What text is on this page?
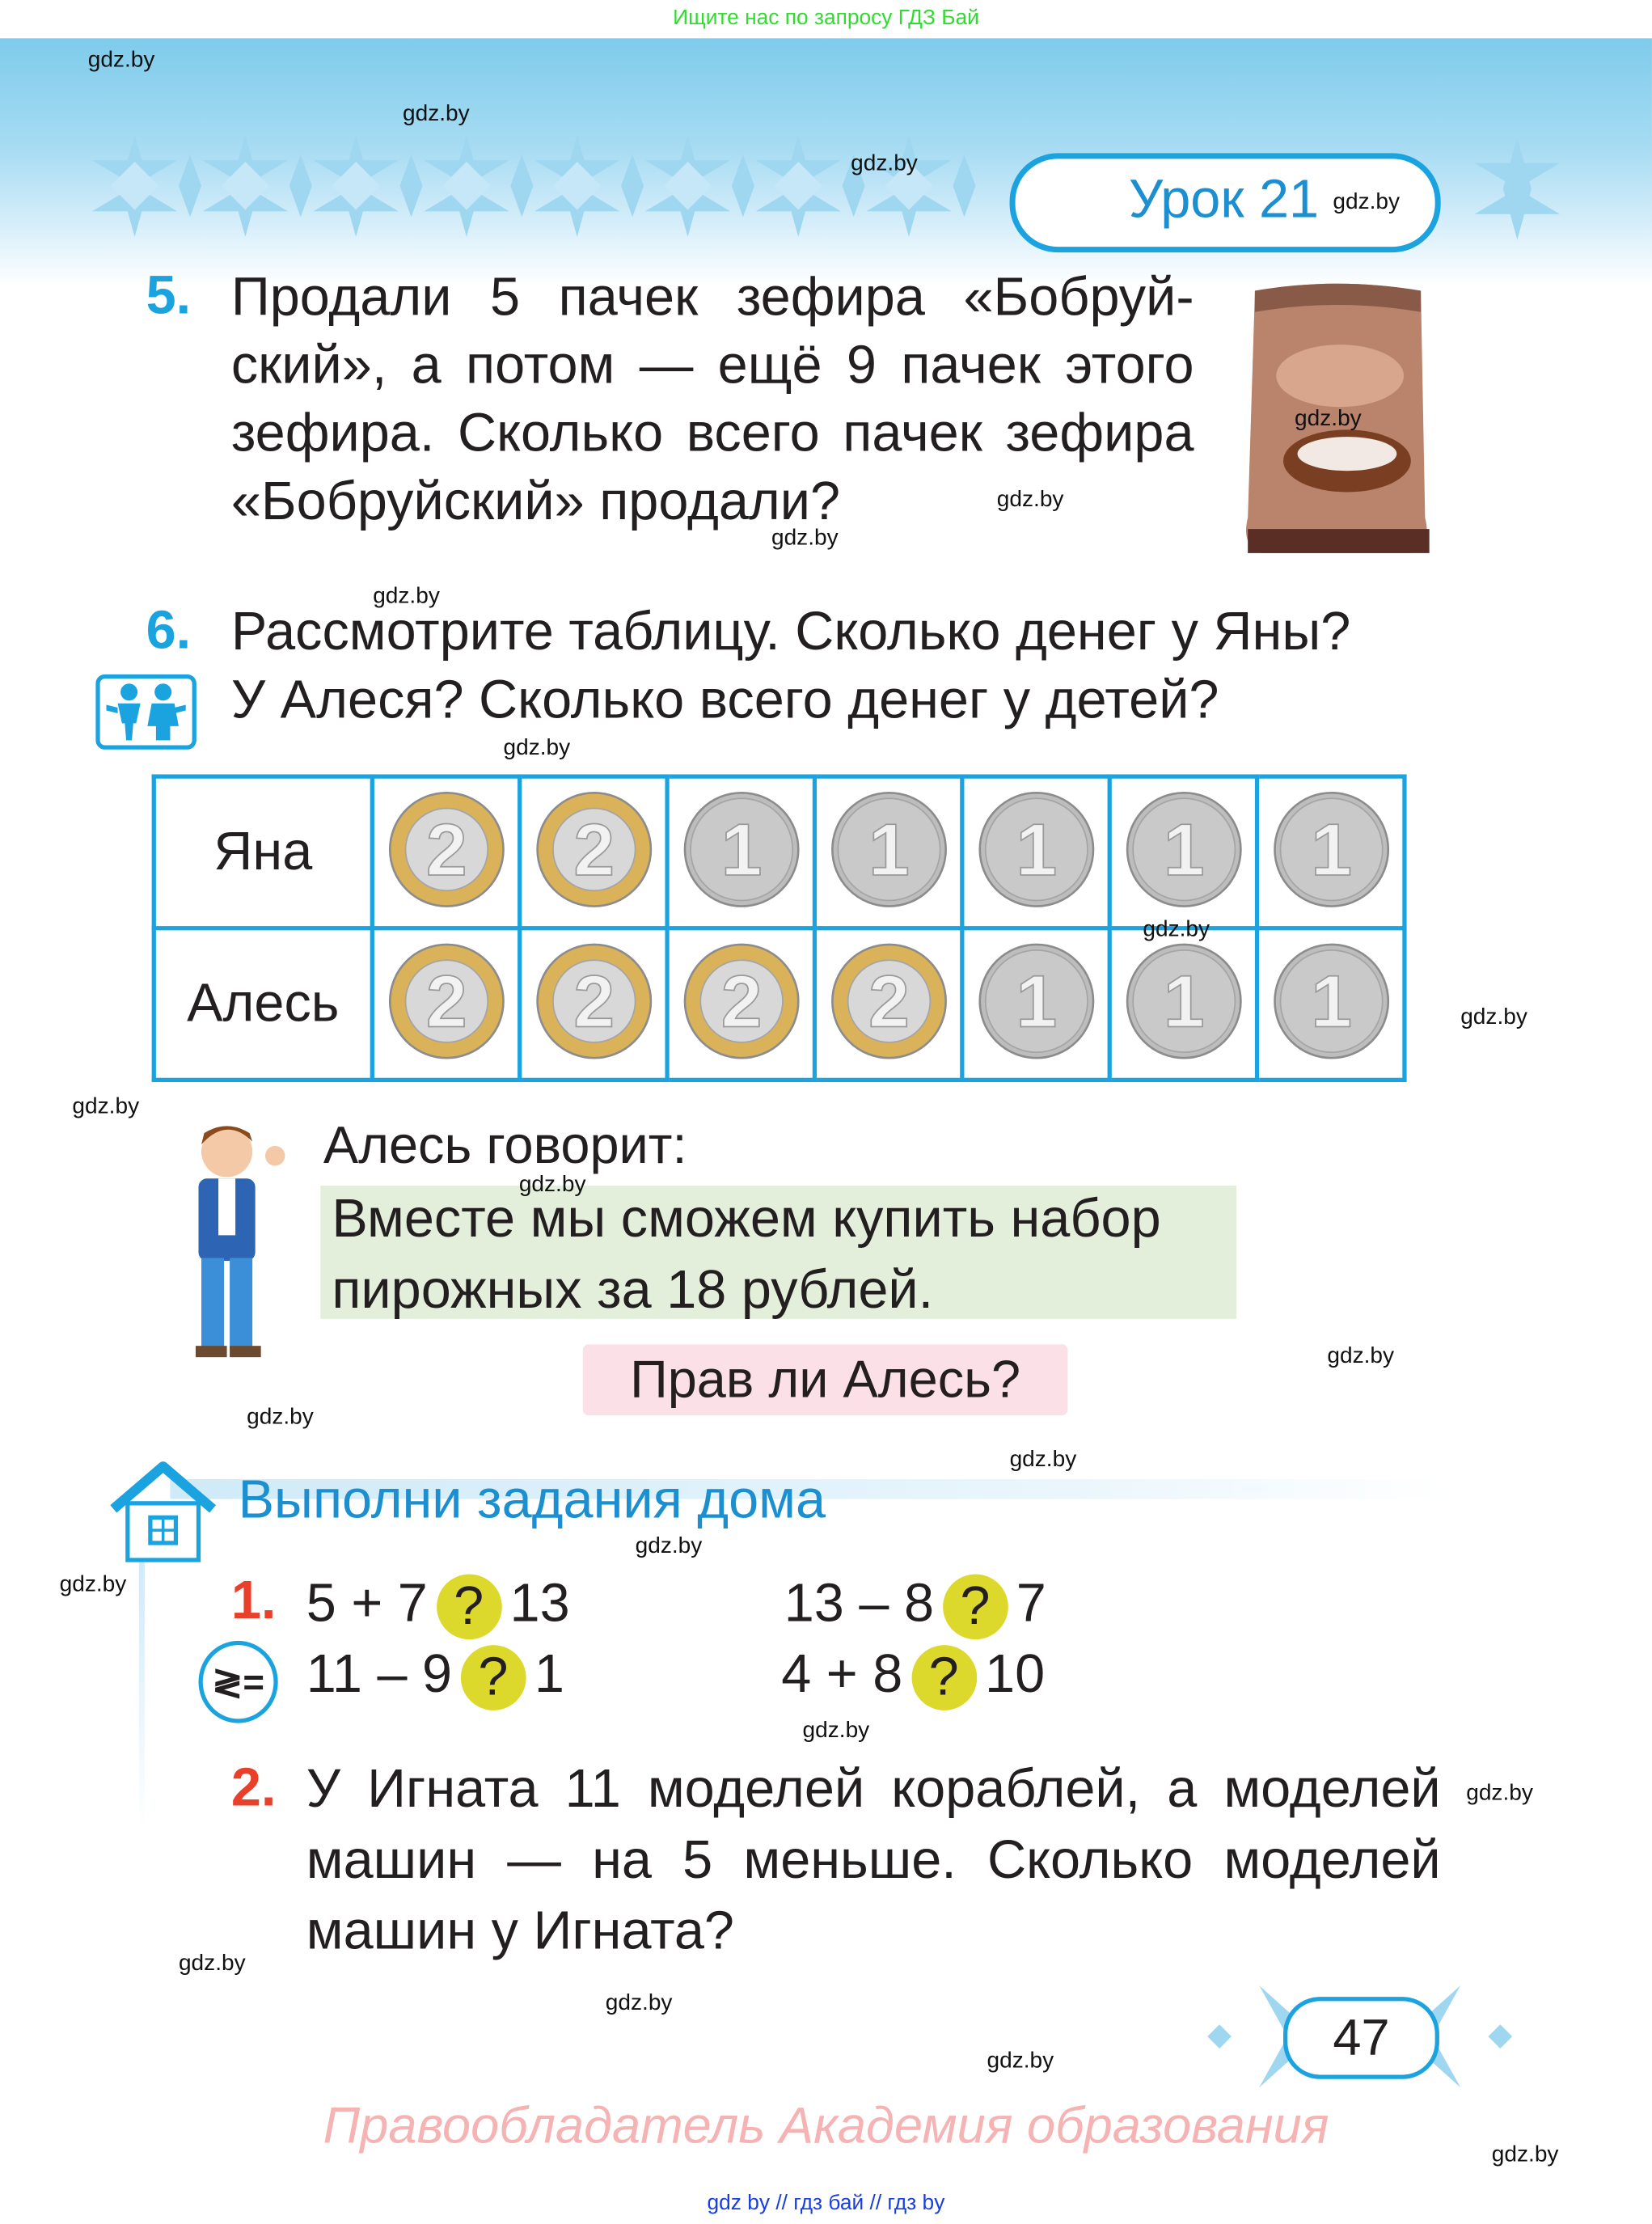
Ищите нас по запросу ГДЗ Бай
Урок 21
5. Продали 5 пачек зефира «Бобруй-
ский», а потом — ещё 9 пачек этого
зефира. Сколько всего пачек зефира
«Бобруйский» продали?
6. Рассмотрите таблицу. Сколько денег у Яны?
У Алеся? Сколько всего денег у детей?
Яна	2	2	1	1	1	1	1

Алесь	2	2	2	2	1	1	1
Алесь говорит:
Вместе мы сможем купить набор
пирожных за 18 рублей.
Прав ли Алесь?
Выполни задания дома
1.
≷=
5 + 7 ? 13	13 – 8 ? 7
11 – 9 ? 1	4 + 8 ? 10
2. У Игната 11 моделей кораблей, а моделей
машин — на 5 меньше. Сколько моделей
машин у Игната?
47
Правообладатель Академия образования
gdz by // гдз бай // гдз by
gdz.by
gdz.by
gdz.by
gdz.by
gdz.by
gdz.by
gdz.by
gdz.by
gdz.by
gdz.by
gdz.by
gdz.by
gdz.by
gdz.by
gdz.by
gdz.by
gdz.by
gdz.by
gdz.by
gdz.by
gdz.by
gdz.by
gdz.by
gdz.by
